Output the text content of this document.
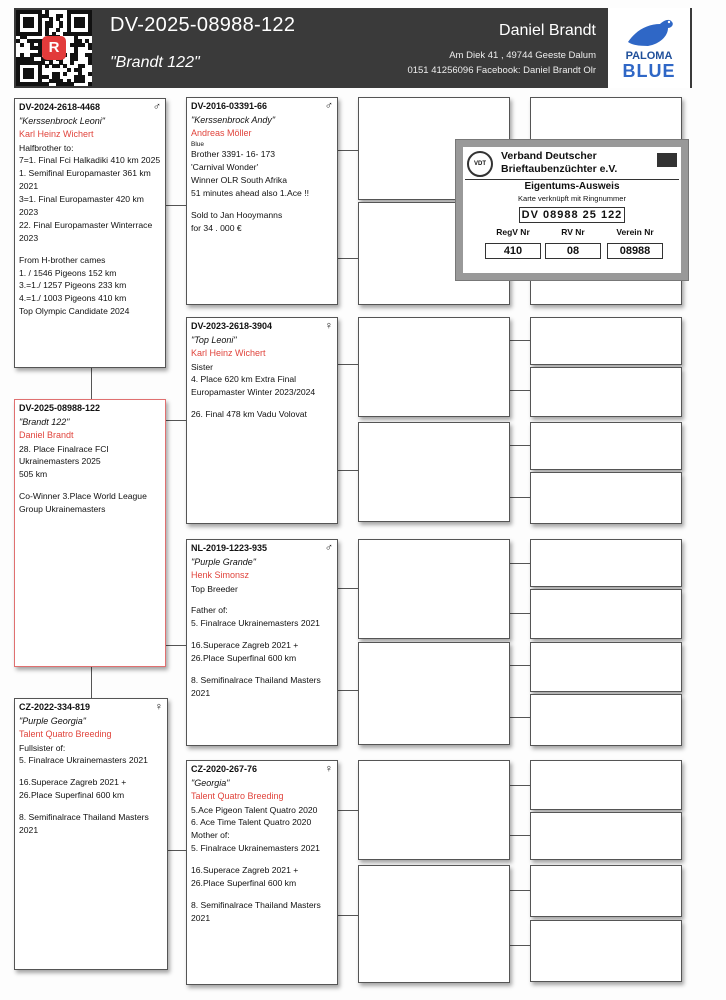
R
DV-2025-08988-122
"Brandt 122"
Daniel Brandt
Am Diek 41 , 49744 Geeste Dalum
0151 41256096 Facebook: Daniel Brandt Olr
PALOMA
BLUE
DV-2024-2618-4468	♂
"Kerssenbrock Leoni"
Karl Heinz Wichert
Halfbrother to:
7=1. Final Fci Halkadiki 410 km 2025
1. Semifinal Europamaster 361 km 2021
3=1. Final Europamaster 420 km 2023
22. Final Europamaster Winterrace 2023
From H-brother cames
1. / 1546 Pigeons 152 km
3.=1./ 1257 Pigeons 233 km
4.=1./ 1003 Pigeons 410 km
Top Olympic Candidate 2024
DV-2025-08988-122
"Brandt 122"
Daniel Brandt
28. Place Finalrace FCI Ukrainemasters 2025
505 km
Co-Winner 3.Place World League
Group Ukrainemasters
CZ-2022-334-819	♀
"Purple Georgia"
Talent Quatro Breeding
Fullsister of:
5. Finalrace Ukrainemasters 2021
16.Superace Zagreb 2021 +
26.Place Superfinal 600 km
8. Semifinalrace Thailand Masters 2021
DV-2016-03391-66	♂
"Kerssenbrock Andy"
Andreas Möller
Blue
Brother 3391- 16- 173
'Carnival Wonder'
Winner OLR South Afrika
51 minutes ahead also 1.Ace !!
Sold to Jan Hooymanns
for 34 . 000 €
DV-2023-2618-3904	♀
"Top Leoni"
Karl Heinz Wichert
Sister
4. Place 620 km Extra Final
Europamaster Winter 2023/2024
26. Final 478 km Vadu Volovat
NL-2019-1223-935	♂
"Purple Grande"
Henk Simonsz
Top Breeder
Father of:
5. Finalrace Ukrainemasters 2021
16.Superace Zagreb 2021 +
26.Place Superfinal 600 km
8. Semifinalrace Thailand Masters 2021
CZ-2020-267-76	♀
"Georgia"
Talent Quatro Breeding
5.Ace Pigeon Talent Quatro 2020
6. Ace Time Talent Quatro 2020
Mother of:
5. Finalrace Ukrainemasters 2021
16.Superace Zagreb 2021 +
26.Place Superfinal 600 km
8. Semifinalrace Thailand Masters 2021
VDT
Verband Deutscher
Brieftaubenzüchter e.V.
Eigentums-Ausweis
Karte verknüpft mit Ringnummer
DV 08988 25 122
RegV Nr	RV Nr	Verein Nr
410	08	08988
